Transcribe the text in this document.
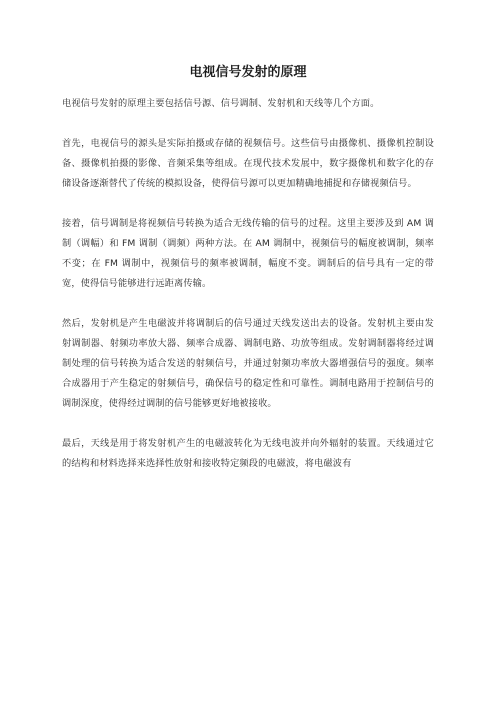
电视信号发射的原理

电视信号发射的原理主要包括信号源、信号调制、发射机和天线等几个方面。

首先，电视信号的源头是实际拍摄或存储的视频信号。这些信号由摄像机、摄像机控制设备、摄像机拍摄的影像、音频采集等组成。在现代技术发展中，数字摄像机和数字化的存储设备逐渐替代了传统的模拟设备，使得信号源可以更加精确地捕捉和存储视频信号。

接着，信号调制是将视频信号转换为适合无线传输的信号的过程。这里主要涉及到 AM 调制（调幅）和 FM 调制（调频）两种方法。在 AM 调制中，视频信号的幅度被调制，频率不变；在 FM 调制中，视频信号的频率被调制，幅度不变。调制后的信号具有一定的带宽，使得信号能够进行远距离传输。

然后，发射机是产生电磁波并将调制后的信号通过天线发送出去的设备。发射机主要由发射调制器、射频功率放大器、频率合成器、调制电路、功放等组成。发射调制器将经过调制处理的信号转换为适合发送的射频信号，并通过射频功率放大器增强信号的强度。频率合成器用于产生稳定的射频信号，确保信号的稳定性和可靠性。调制电路用于控制信号的调制深度，使得经过调制的信号能够更好地被接收。

最后，天线是用于将发射机产生的电磁波转化为无线电波并向外辐射的装置。天线通过它的结构和材料选择来选择性放射和接收特定频段的电磁波，将电磁波有
